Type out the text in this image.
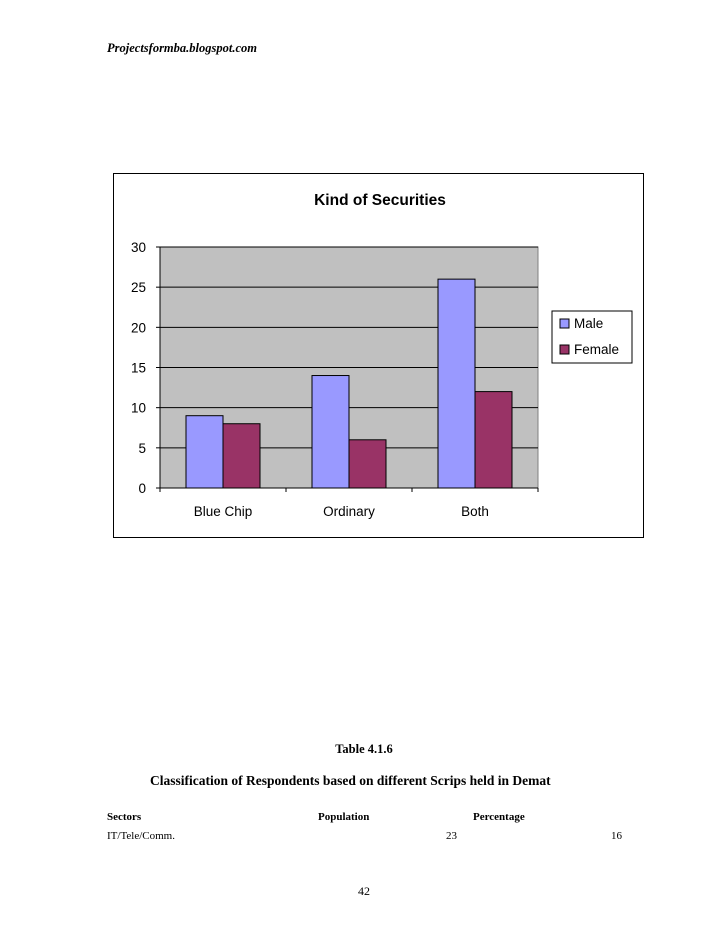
Projectsformba.blogspot.com
0
5
10
15
20
25
30
Blue Chip	Ordinary	Both
Kind of Securities
Male
Female
Table 4.1.6
Classification of Respondents based on different Scrips held in Demat
Sectors	Population	Percentage
IT/Tele/Comm.	23	16
42
